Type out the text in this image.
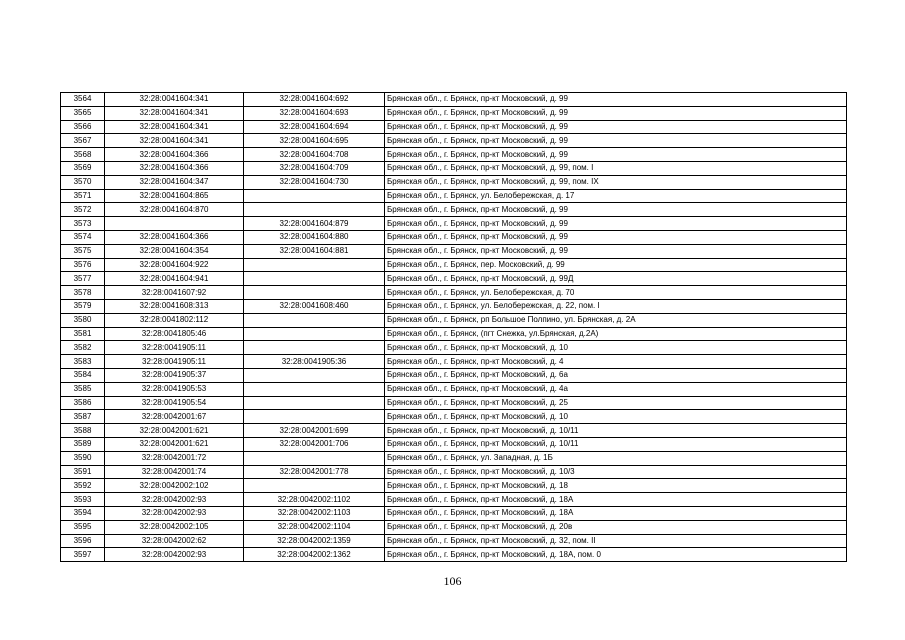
3564	32:28:0041604:341	32:28:0041604:692	Брянская обл., г. Брянск, пр-кт Московский, д. 99
3565	32:28:0041604:341	32:28:0041604:693	Брянская обл., г. Брянск, пр-кт Московский, д. 99
3566	32:28:0041604:341	32:28:0041604:694	Брянская обл., г. Брянск, пр-кт Московский, д. 99
3567	32:28:0041604:341	32:28:0041604:695	Брянская обл., г. Брянск, пр-кт Московский, д. 99
3568	32:28:0041604:366	32:28:0041604:708	Брянская обл., г. Брянск, пр-кт Московский, д. 99
3569	32:28:0041604:366	32:28:0041604:709	Брянская обл., г. Брянск, пр-кт Московский, д. 99, пом. I
3570	32:28:0041604:347	32:28:0041604:730	Брянская обл., г. Брянск, пр-кт Московский, д. 99, пом. IX
3571	32:28:0041604:865		Брянская обл., г. Брянск, ул. Белобережская, д. 17
3572	32:28:0041604:870		Брянская обл., г. Брянск, пр-кт Московский, д. 99
3573		32:28:0041604:879	Брянская обл., г. Брянск, пр-кт Московский, д. 99
3574	32:28:0041604:366	32:28:0041604:880	Брянская обл., г. Брянск, пр-кт Московский, д. 99
3575	32:28:0041604:354	32:28:0041604:881	Брянская обл., г. Брянск, пр-кт Московский, д. 99
3576	32:28:0041604:922		Брянская обл., г. Брянск, пер. Московский, д. 99
3577	32:28:0041604:941		Брянская обл., г. Брянск, пр-кт Московский, д. 99Д
3578	32:28:0041607:92		Брянская обл., г. Брянск, ул. Белобережская, д. 70
3579	32:28:0041608:313	32:28:0041608:460	Брянская обл., г. Брянск, ул. Белобережская, д. 22, пом. I
3580	32:28:0041802:112		Брянская обл., г. Брянск, рп Большое Полпино, ул. Брянская, д. 2А
3581	32:28:0041805:46		Брянская обл., г. Брянск, (пгт Снежка, ул.Брянская, д.2А)
3582	32:28:0041905:11		Брянская обл., г. Брянск, пр-кт Московский, д. 10
3583	32:28:0041905:11	32:28:0041905:36	Брянская обл., г. Брянск, пр-кт Московский, д. 4
3584	32:28:0041905:37		Брянская обл., г. Брянск, пр-кт Московский, д. 6а
3585	32:28:0041905:53		Брянская обл., г. Брянск, пр-кт Московский, д. 4а
3586	32:28:0041905:54		Брянская обл., г. Брянск, пр-кт Московский, д. 25
3587	32:28:0042001:67		Брянская обл., г. Брянск, пр-кт Московский, д. 10
3588	32:28:0042001:621	32:28:0042001:699	Брянская обл., г. Брянск, пр-кт Московский, д. 10/11
3589	32:28:0042001:621	32:28:0042001:706	Брянская обл., г. Брянск, пр-кт Московский, д. 10/11
3590	32:28:0042001:72		Брянская обл., г. Брянск, ул. Западная, д. 1Б
3591	32:28:0042001:74	32:28:0042001:778	Брянская обл., г. Брянск, пр-кт Московский, д. 10/3
3592	32:28:0042002:102		Брянская обл., г. Брянск, пр-кт Московский, д. 18
3593	32:28:0042002:93	32:28:0042002:1102	Брянская обл., г. Брянск, пр-кт Московский, д. 18А
3594	32:28:0042002:93	32:28:0042002:1103	Брянская обл., г. Брянск, пр-кт Московский, д. 18А
3595	32:28:0042002:105	32:28:0042002:1104	Брянская обл., г. Брянск, пр-кт Московский, д. 20в
3596	32:28:0042002:62	32:28:0042002:1359	Брянская обл., г. Брянск, пр-кт Московский, д. 32, пом. II
3597	32:28:0042002:93	32:28:0042002:1362	Брянская обл., г. Брянск, пр-кт Московский, д. 18А, пом. 0
106
